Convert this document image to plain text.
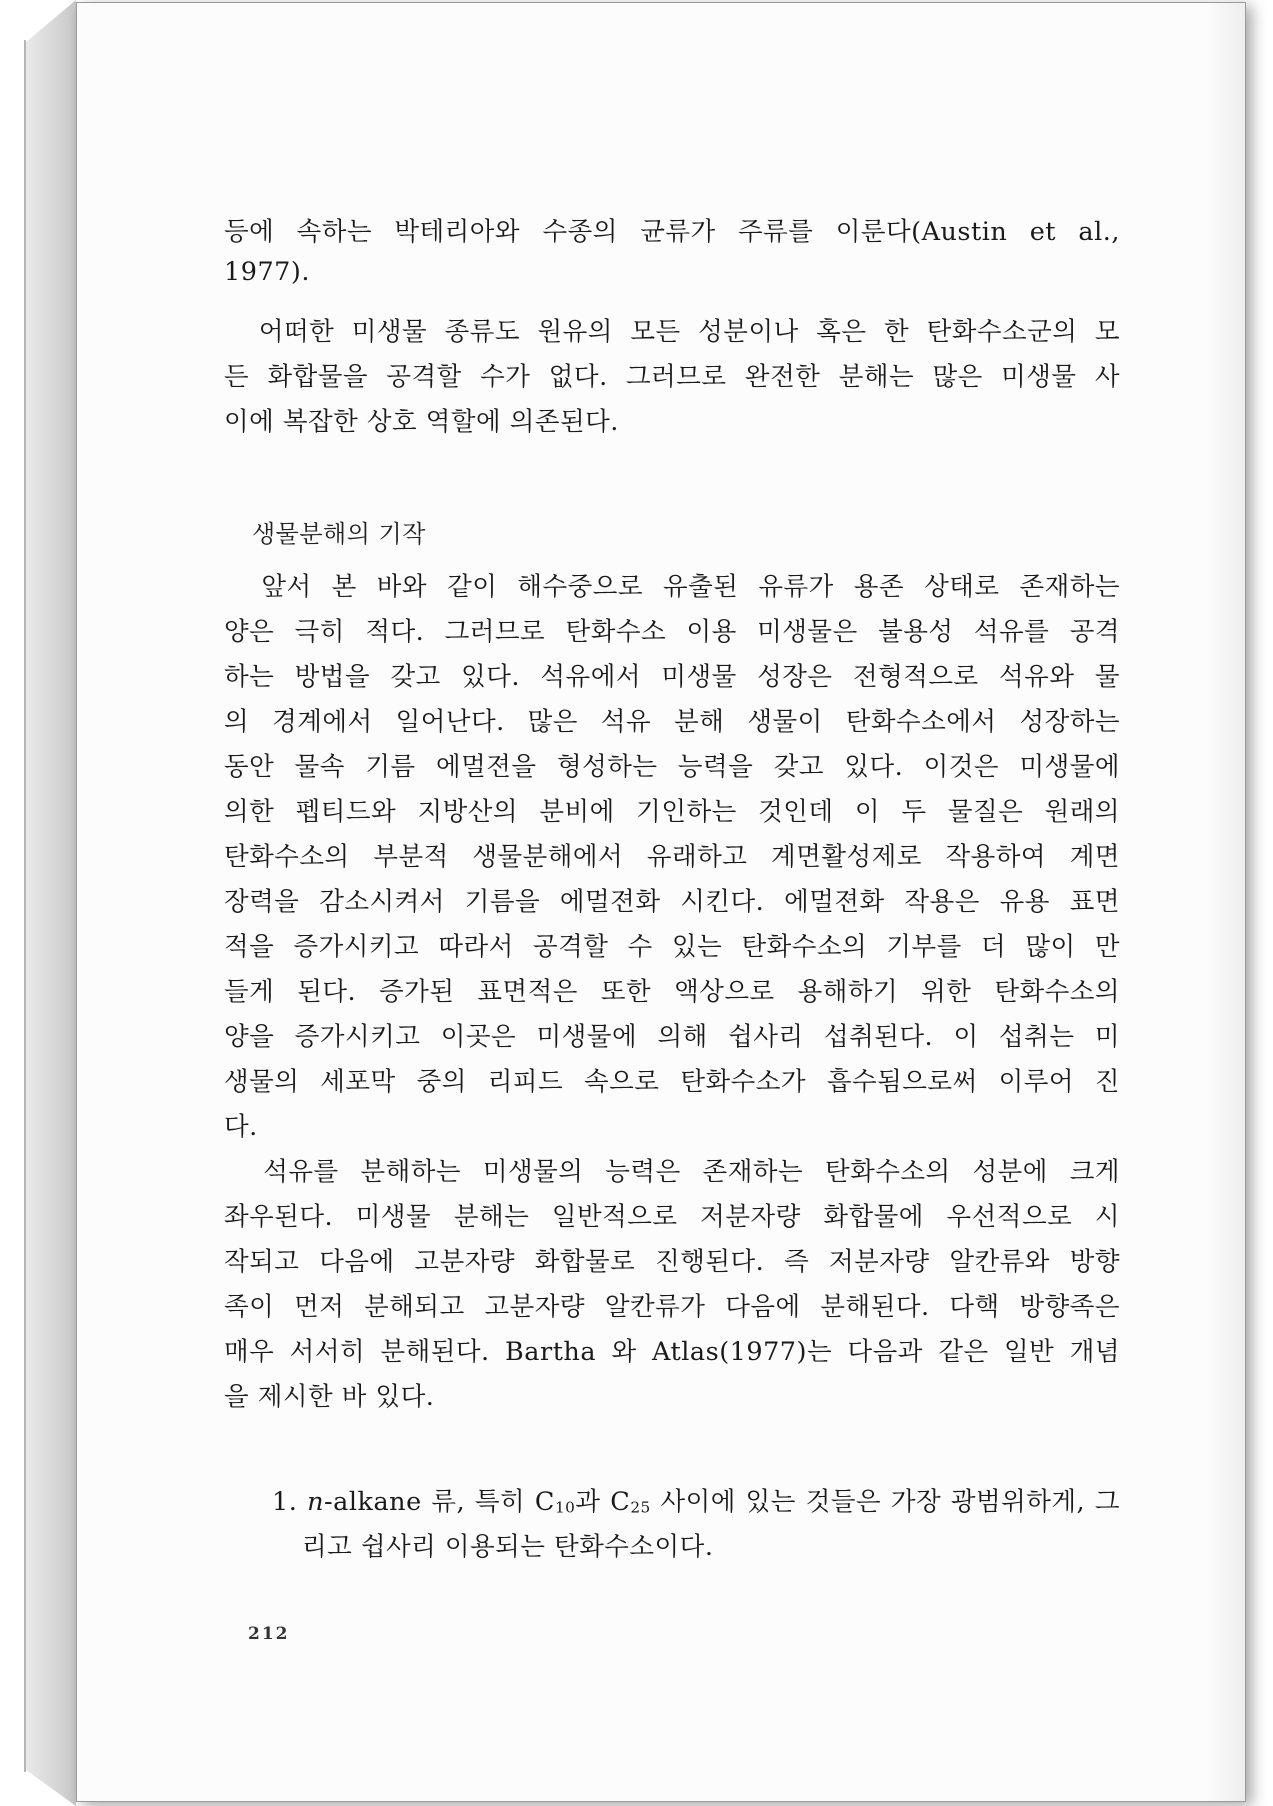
등에 속하는 박테리아와 수종의 균류가 주류를 이룬다(Austin et al.,
1977).
　어떠한 미생물 종류도 원유의 모든 성분이나 혹은 한 탄화수소군의 모
든 화합물을 공격할 수가 없다. 그러므로 완전한 분해는 많은 미생물 사
이에 복잡한 상호 역할에 의존된다.
생물분해의 기작
　앞서 본 바와 같이 해수중으로 유출된 유류가 용존 상태로 존재하는
양은 극히 적다. 그러므로 탄화수소 이용 미생물은 불용성 석유를 공격
하는 방법을 갖고 있다. 석유에서 미생물 성장은 전형적으로 석유와 물
의 경계에서 일어난다. 많은 석유 분해 생물이 탄화수소에서 성장하는
동안 물속 기름 에멀젼을 형성하는 능력을 갖고 있다. 이것은 미생물에
의한 펩티드와 지방산의 분비에 기인하는 것인데 이 두 물질은 원래의
탄화수소의 부분적 생물분해에서 유래하고 계면활성제로 작용하여 계면
장력을 감소시켜서 기름을 에멀젼화 시킨다. 에멀젼화 작용은 유용 표면
적을 증가시키고 따라서 공격할 수 있는 탄화수소의 기부를 더 많이 만
들게 된다. 증가된 표면적은 또한 액상으로 용해하기 위한 탄화수소의
양을 증가시키고 이곳은 미생물에 의해 쉽사리 섭취된다. 이 섭취는 미
생물의 세포막 중의 리피드 속으로 탄화수소가 흡수됨으로써 이루어 진
다.
　석유를 분해하는 미생물의 능력은 존재하는 탄화수소의 성분에 크게
좌우된다. 미생물 분해는 일반적으로 저분자량 화합물에 우선적으로 시
작되고 다음에 고분자량 화합물로 진행된다. 즉 저분자량 알칸류와 방향
족이 먼저 분해되고 고분자량 알칸류가 다음에 분해된다. 다핵 방향족은
매우 서서히 분해된다. Bartha 와 Atlas(1977)는 다음과 같은 일반 개념
을 제시한 바 있다.
1. n-alkane 류, 특히 $C_{10}$과 $C_{25}$ 사이에 있는 것들은 가장 광범위하게, 그
리고 쉽사리 이용되는 탄화수소이다.
212
